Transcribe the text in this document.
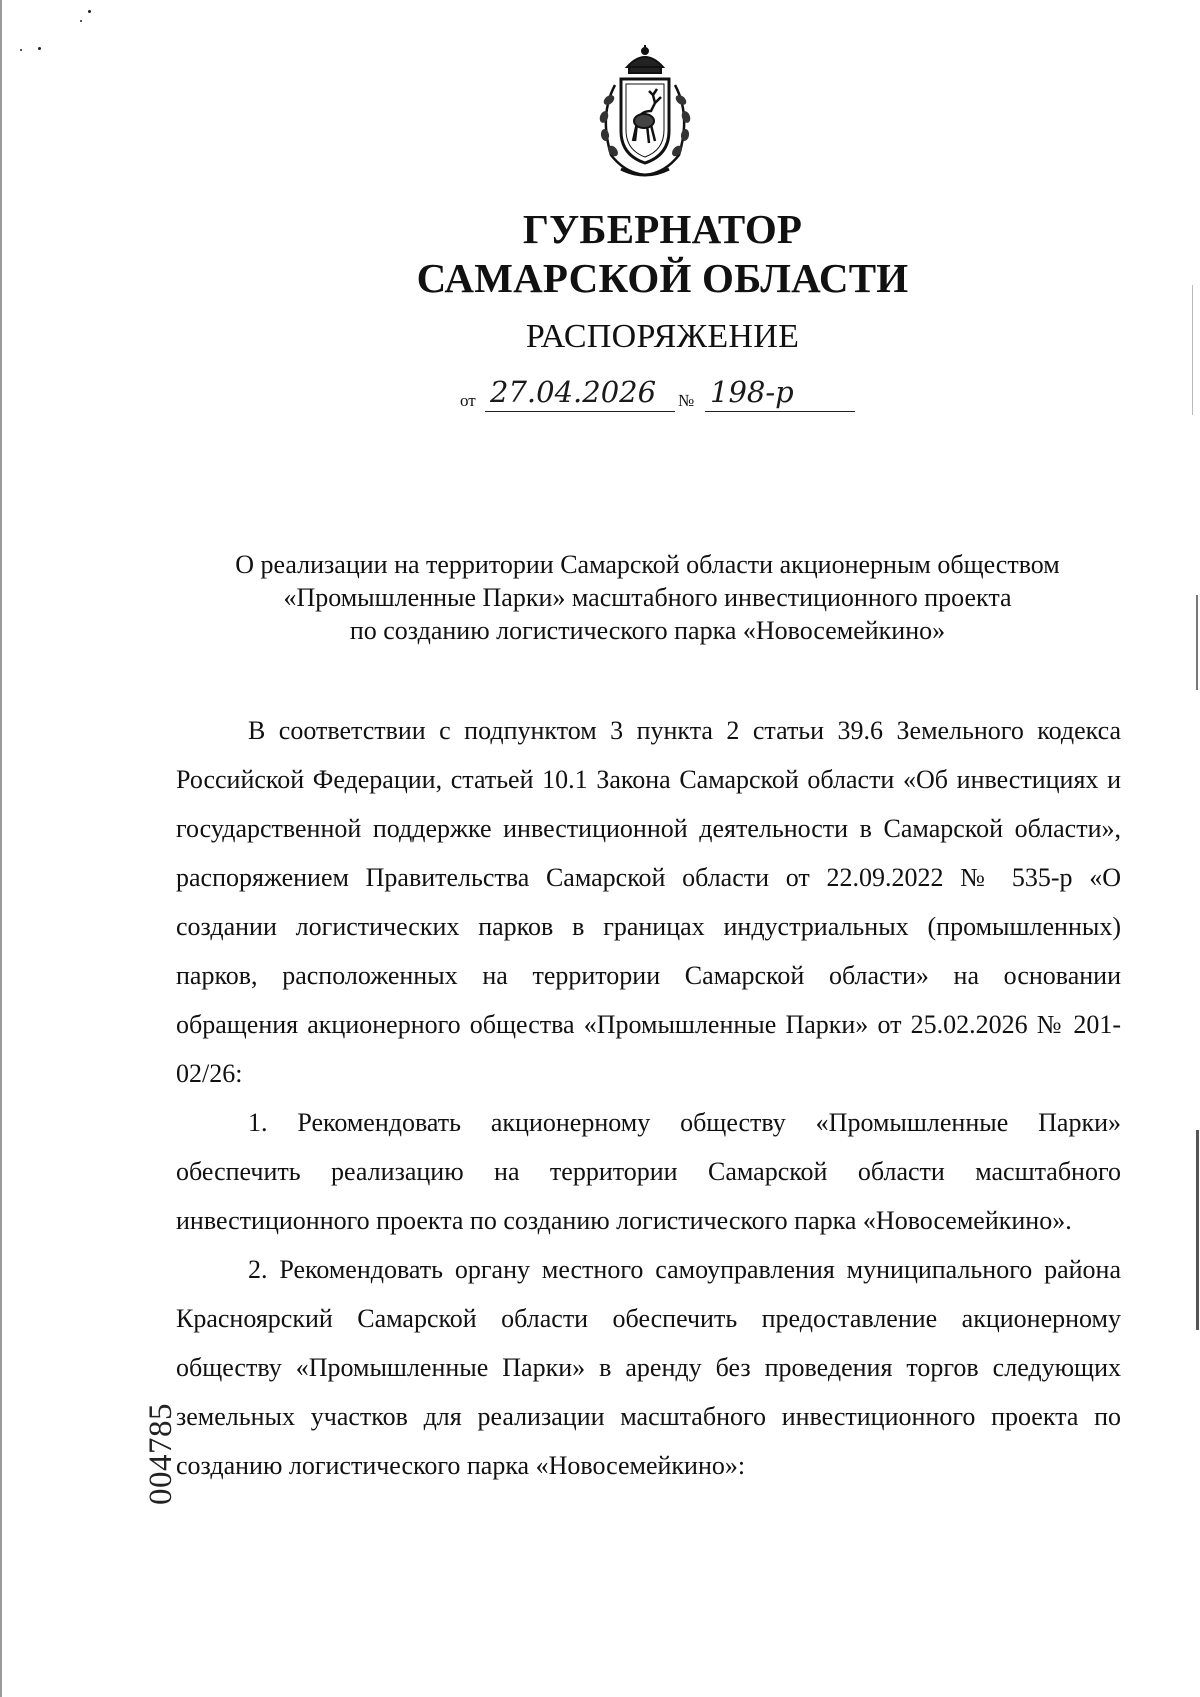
ГУБЕРНАТОР
САМАРСКОЙ ОБЛАСТИ
РАСПОРЯЖЕНИЕ
от 27.04.2026 № 198-р
О реализации на территории Самарской области акционерным обществом
«Промышленные Парки» масштабного инвестиционного проекта
по созданию логистического парка «Новосемейкино»

В соответствии с подпунктом 3 пункта 2 статьи 39.6 Земельного кодекса Российской Федерации, статьей 10.1 Закона Самарской области «Об инвестициях и государственной поддержке инвестиционной деятельности в Самарской области», распоряжением Правительства Самарской области от 22.09.2022 № 535-р «О создании логистических парков в границах индустриальных (промышленных) парков, расположенных на территории Самарской области» на основании обращения акционерного общества «Промышленные Парки» от 25.02.2026 № 201-02/26:

1. Рекомендовать акционерному обществу «Промышленные Парки» обеспечить реализацию на территории Самарской области масштабного инвестиционного проекта по созданию логистического парка «Новосемейкино».

2. Рекомендовать органу местного самоуправления муниципального района Красноярский Самарской области обеспечить предоставление акционерному обществу «Промышленные Парки» в аренду без проведения торгов следующих земельных участков для реализации масштабного инвестиционного проекта по созданию логистического парка «Новосемейкино»:

004785
